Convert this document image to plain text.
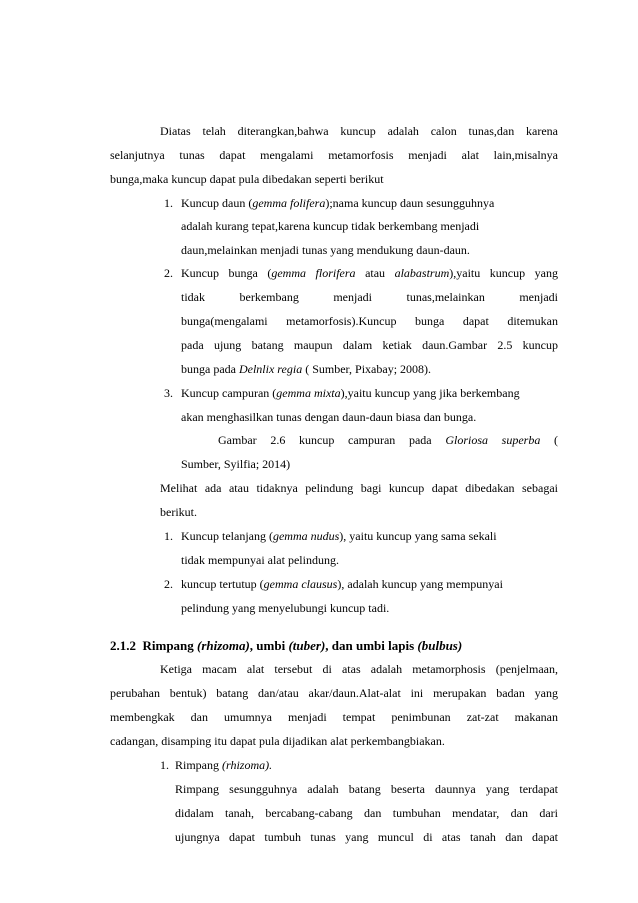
Diatas telah diterangkan,bahwa kuncup adalah calon tunas,dan karena
selanjutnya tunas dapat mengalami metamorfosis menjadi alat lain,misalnya
bunga,maka kuncup dapat pula dibedakan seperti berikut
1. Kuncup daun (gemma folifera);nama kuncup daun sesungguhnya
adalah kurang tepat,karena kuncup tidak berkembang menjadi
daun,melainkan menjadi tunas yang mendukung daun-daun.
2. Kuncup bunga (gemma florifera atau alabastrum),yaitu kuncup yang
tidak berkembang menjadi tunas,melainkan menjadi
bunga(mengalami metamorfosis).Kuncup bunga dapat ditemukan
pada ujung batang maupun dalam ketiak daun.Gambar 2.5 kuncup
bunga pada Delnlix regia ( Sumber, Pixabay; 2008).
3. Kuncup campuran (gemma mixta),yaitu kuncup yang jika berkembang
akan menghasilkan tunas dengan daun-daun biasa dan bunga.
Gambar 2.6 kuncup campuran pada Gloriosa superba (
Sumber, Syilfia; 2014)
Melihat ada atau tidaknya pelindung bagi kuncup dapat dibedakan sebagai
berikut.
1. Kuncup telanjang (gemma nudus), yaitu kuncup yang sama sekali
tidak mempunyai alat pelindung.
2. kuncup tertutup (gemma clausus), adalah kuncup yang mempunyai
pelindung yang menyelubungi kuncup tadi.
2.1.2 Rimpang (rhizoma), umbi (tuber), dan umbi lapis (bulbus)
Ketiga macam alat tersebut di atas adalah metamorphosis (penjelmaan,
perubahan bentuk) batang dan/atau akar/daun.Alat-alat ini merupakan badan yang
membengkak dan umumnya menjadi tempat penimbunan zat-zat makanan
cadangan, disamping itu dapat pula dijadikan alat perkembangbiakan.
1. Rimpang (rhizoma).
Rimpang sesungguhnya adalah batang beserta daunnya yang terdapat
didalam tanah, bercabang-cabang dan tumbuhan mendatar, dan dari
ujungnya dapat tumbuh tunas yang muncul di atas tanah dan dapat
